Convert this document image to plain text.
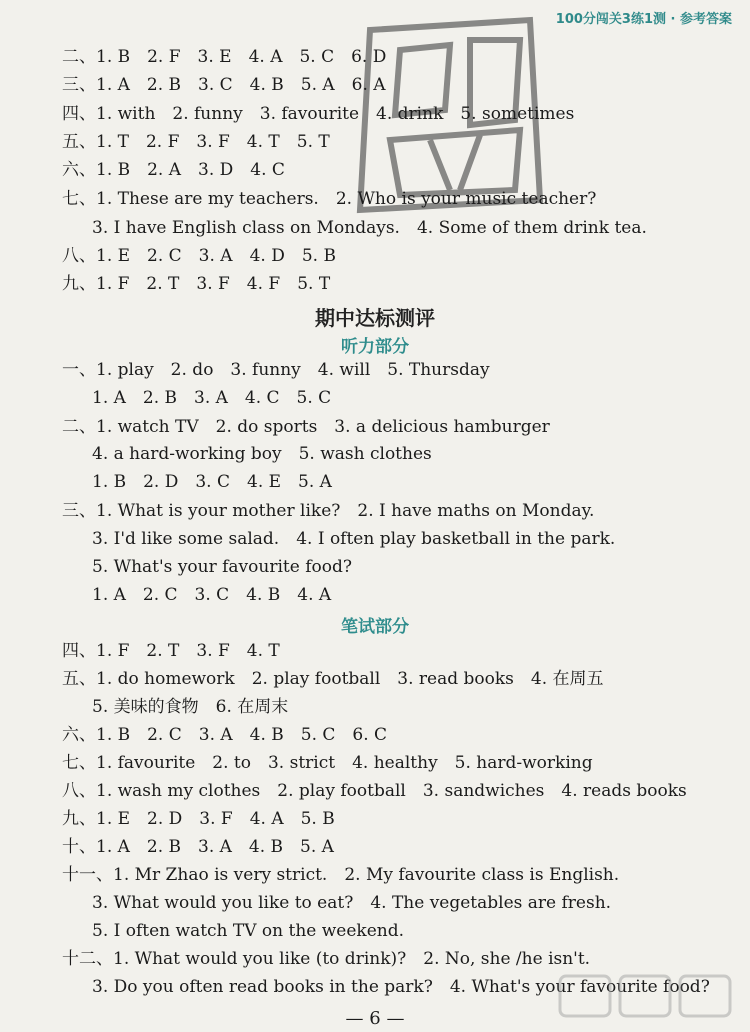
100分闯关3练1测 · 参考答案
二、1. B　2. F　3. E　4. A　5. C　6. D
三、1. A　2. B　3. C　4. B　5. A　6. A
四、1. with　2. funny　3. favourite　4. drink　5. sometimes
五、1. T　2. F　3. F　4. T　5. T
六、1. B　2. A　3. D　4. C
七、1. These are my teachers.　2. Who is your music teacher?
3. I have English class on Mondays.　4. Some of them drink tea.
八、1. E　2. C　3. A　4. D　5. B
九、1. F　2. T　3. F　4. F　5. T
期中达标测评
听力部分
一、1. play　2. do　3. funny　4. will　5. Thursday
1. A　2. B　3. A　4. C　5. C
二、1. watch TV　2. do sports　3. a delicious hamburger
4. a hard-working boy　5. wash clothes
1. B　2. D　3. C　4. E　5. A
三、1. What is your mother like?　2. I have maths on Monday.
3. I'd like some salad.　4. I often play basketball in the park.
5. What's your favourite food?
1. A　2. C　3. C　4. B　4. A
笔试部分
四、1. F　2. T　3. F　4. T
五、1. do homework　2. play football　3. read books　4. 在周五
5. 美味的食物　6. 在周末
六、1. B　2. C　3. A　4. B　5. C　6. C
七、1. favourite　2. to　3. strict　4. healthy　5. hard-working
八、1. wash my clothes　2. play football　3. sandwiches　4. reads books
九、1. E　2. D　3. F　4. A　5. B
十、1. A　2. B　3. A　4. B　5. A
十一、1. Mr Zhao is very strict.　2. My favourite class is English.
3. What would you like to eat?　4. The vegetables are fresh.
5. I often watch TV on the weekend.
十二、1. What would you like (to drink)?　2. No, she /he isn't.
3. Do you often read books in the park?　4. What's your favourite food?
— 6 —
